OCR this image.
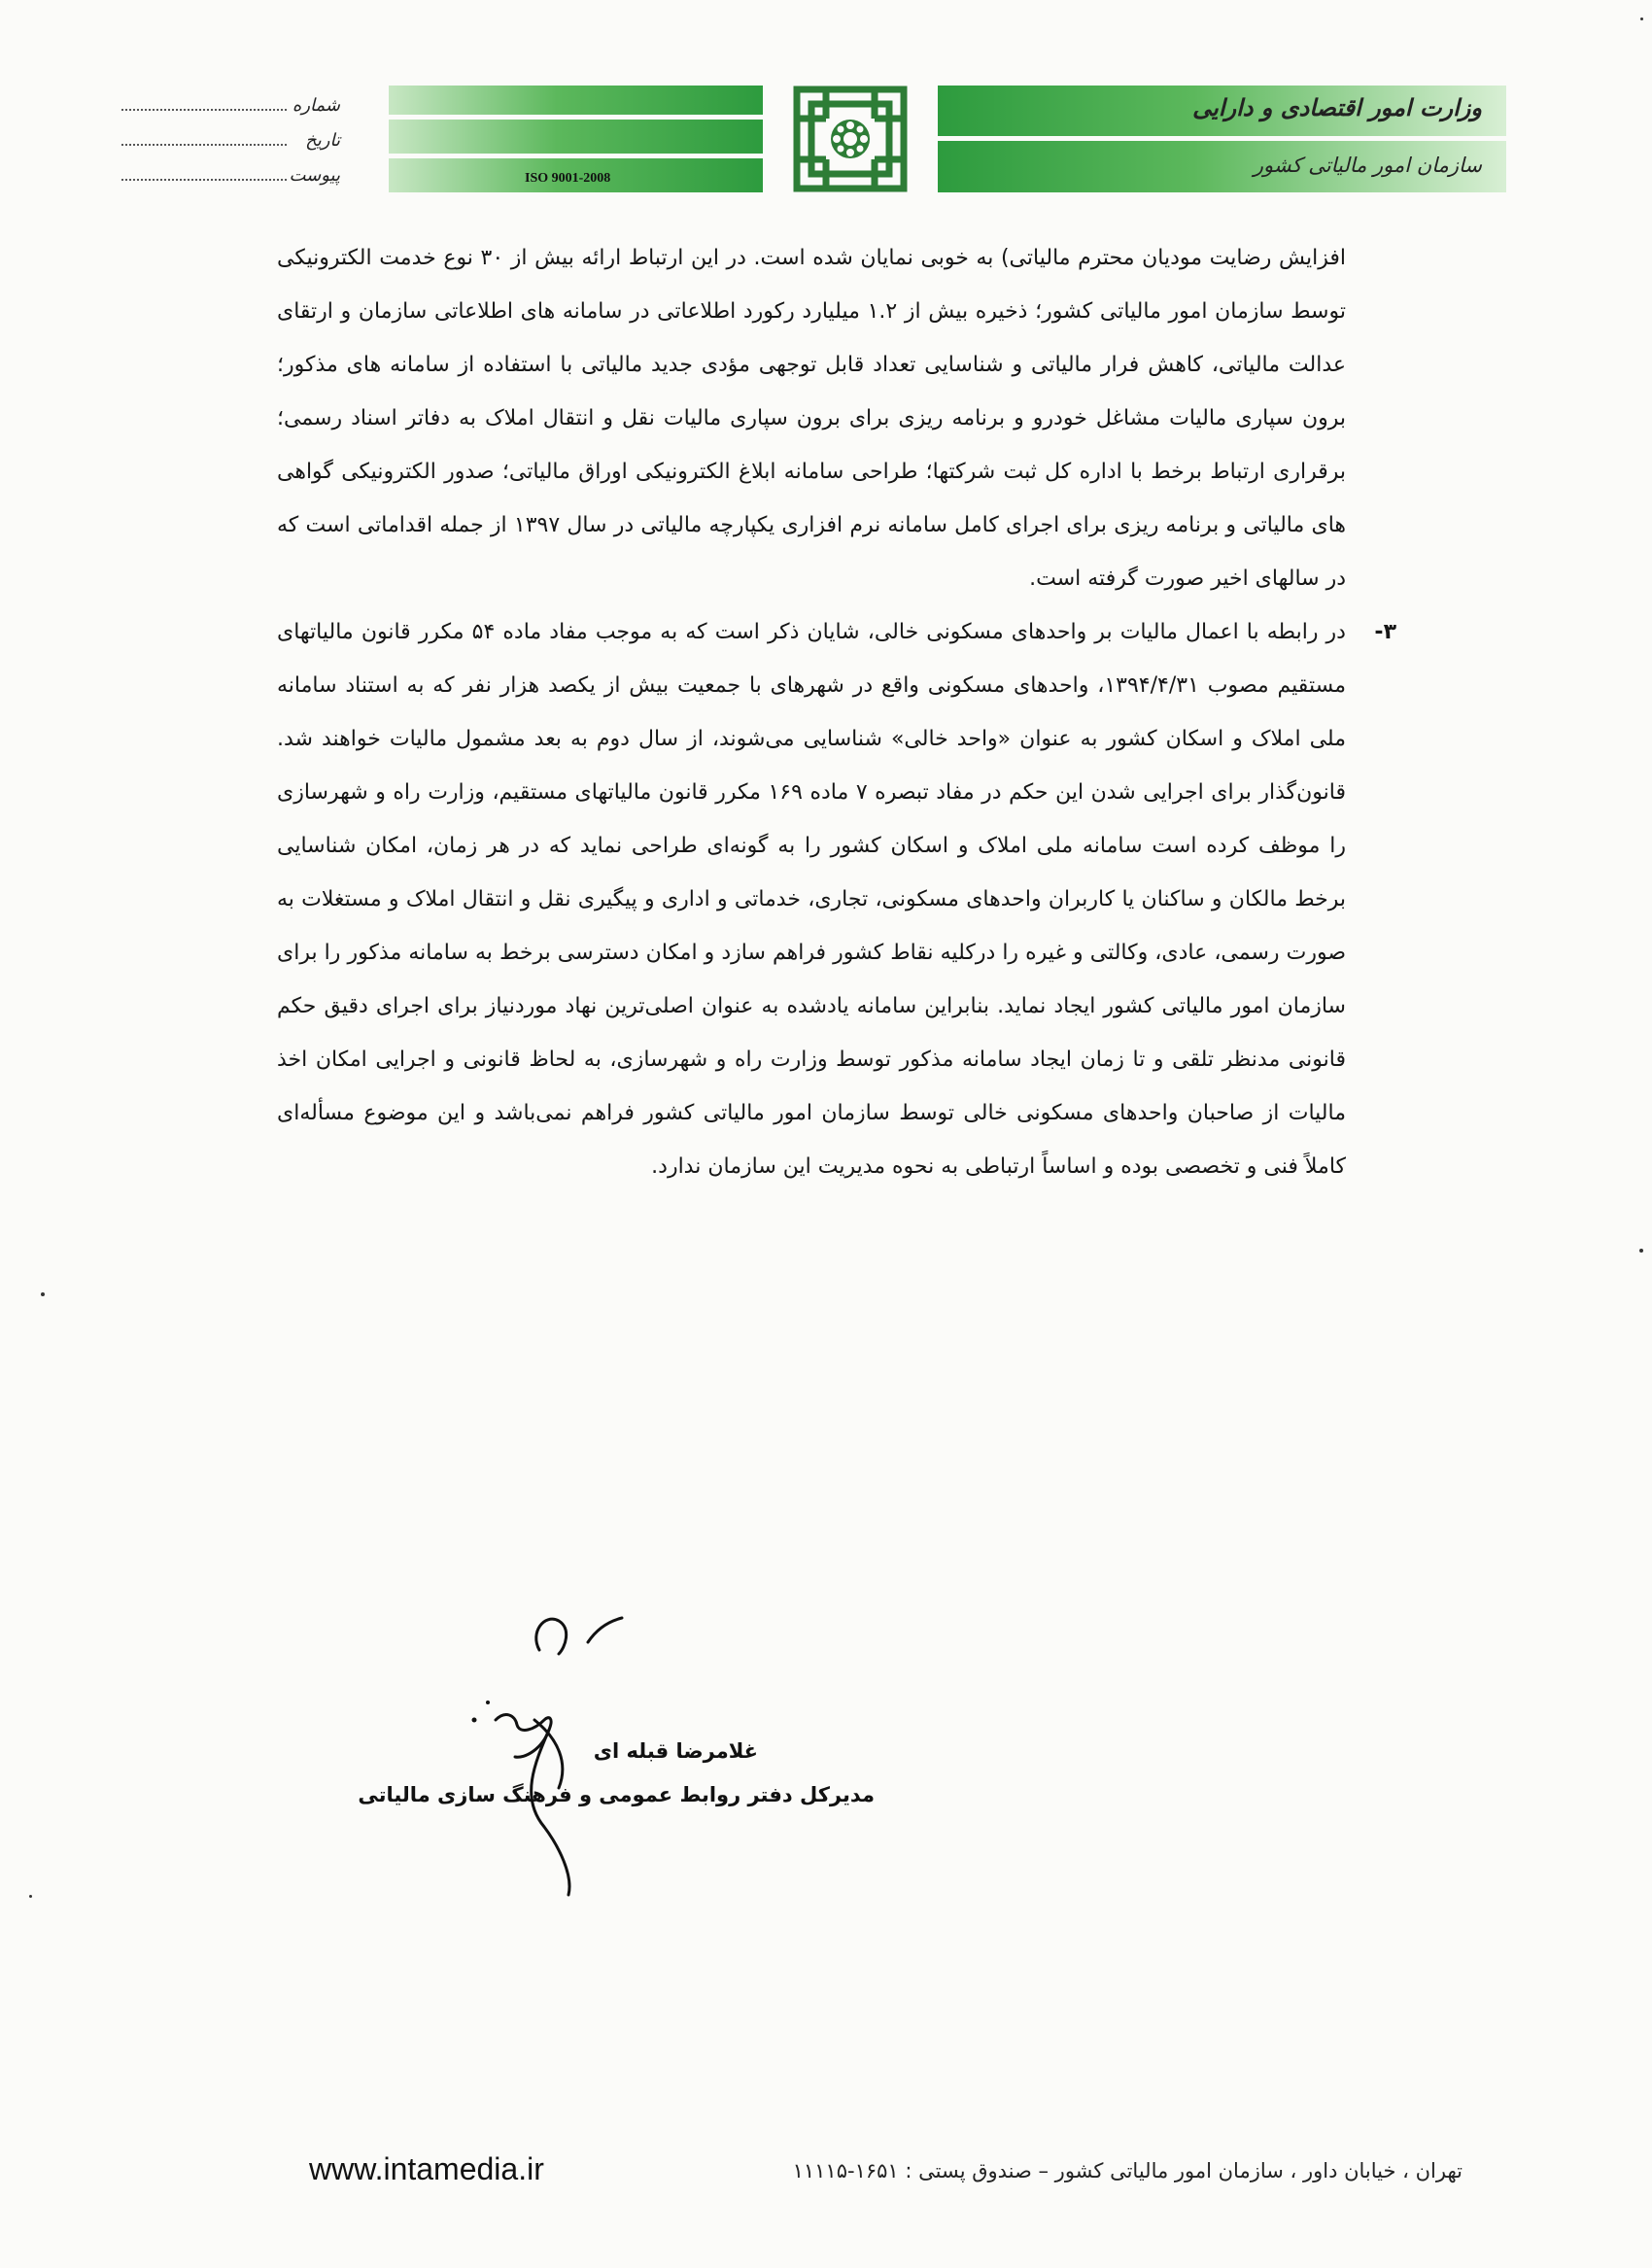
ISO 9001-2008
وزارت امور اقتصادی و دارایی
سازمان امور مالیاتی کشور
شماره
تاریخ
پیوست

افزایش رضایت مودیان محترم مالیاتی) به خوبی نمایان شده است. در این ارتباط ارائه بیش از ۳۰ نوع خدمت الکترونیکی توسط سازمان امور مالیاتی کشور؛ ذخیره بیش از ۱.۲ میلیارد رکورد اطلاعاتی در سامانه های اطلاعاتی سازمان و ارتقای عدالت مالیاتی، کاهش فرار مالیاتی و شناسایی تعداد قابل توجهی مؤدی جدید مالیاتی با استفاده از سامانه های مذکور؛ برون سپاری مالیات مشاغل خودرو و برنامه ریزی برای برون سپاری مالیات نقل و انتقال املاک به دفاتر اسناد رسمی؛ برقراری ارتباط برخط با اداره کل ثبت شرکتها؛ طراحی سامانه ابلاغ الکترونیکی اوراق مالیاتی؛ صدور الکترونیکی گواهی های مالیاتی و برنامه ریزی برای اجرای کامل سامانه نرم افزاری یکپارچه مالیاتی در سال ۱۳۹۷ از جمله اقداماتی است که در سالهای اخیر صورت گرفته است.

۳-

در رابطه با اعمال مالیات بر واحدهای مسکونی خالی، شایان ذکر است که به موجب مفاد ماده ۵۴ مکرر قانون مالیاتهای مستقیم مصوب ۱۳۹۴/۴/۳۱، واحدهای مسکونی واقع در شهرهای با جمعیت بیش از یکصد هزار نفر که به استناد سامانه ملی املاک و اسکان کشور به عنوان «واحد خالی» شناسایی می‌شوند، از سال دوم به بعد مشمول مالیات خواهند شد. قانون‌گذار برای اجرایی شدن این حکم در مفاد تبصره ۷ ماده ۱۶۹ مکرر قانون مالیاتهای مستقیم، وزارت راه و شهرسازی را موظف کرده است سامانه ملی املاک و اسکان کشور را به گونه‌ای طراحی نماید که در هر زمان، امکان شناسایی برخط مالکان و ساکنان یا کاربران واحدهای مسکونی، تجاری، خدماتی و اداری و پیگیری نقل و انتقال املاک و مستغلات به صورت رسمی، عادی، وکالتی و غیره را درکلیه نقاط کشور فراهم سازد و امکان دسترسی برخط به سامانه مذکور را برای سازمان امور مالیاتی کشور ایجاد نماید. بنابراین سامانه یادشده به عنوان اصلی‌ترین نهاد موردنیاز برای اجرای دقیق حکم قانونی مدنظر تلقی و تا زمان ایجاد سامانه مذکور توسط وزارت راه و شهرسازی، به لحاظ قانونی و اجرایی امکان اخذ مالیات از صاحبان واحدهای مسکونی خالی توسط سازمان امور مالیاتی کشور فراهم نمی‌باشد و این موضوع مسأله‌ای کاملاً فنی و تخصصی بوده و اساساً ارتباطی به نحوه مدیریت این سازمان ندارد.

غلامرضا قبله ای
مدیرکل دفتر روابط عمومی و فرهنگ سازی مالیاتی
تهران ، خیابان داور ، سازمان امور مالیاتی کشور – صندوق پستی : ۱۶۵۱-۱۱۱۱۵
www.intamedia.ir
